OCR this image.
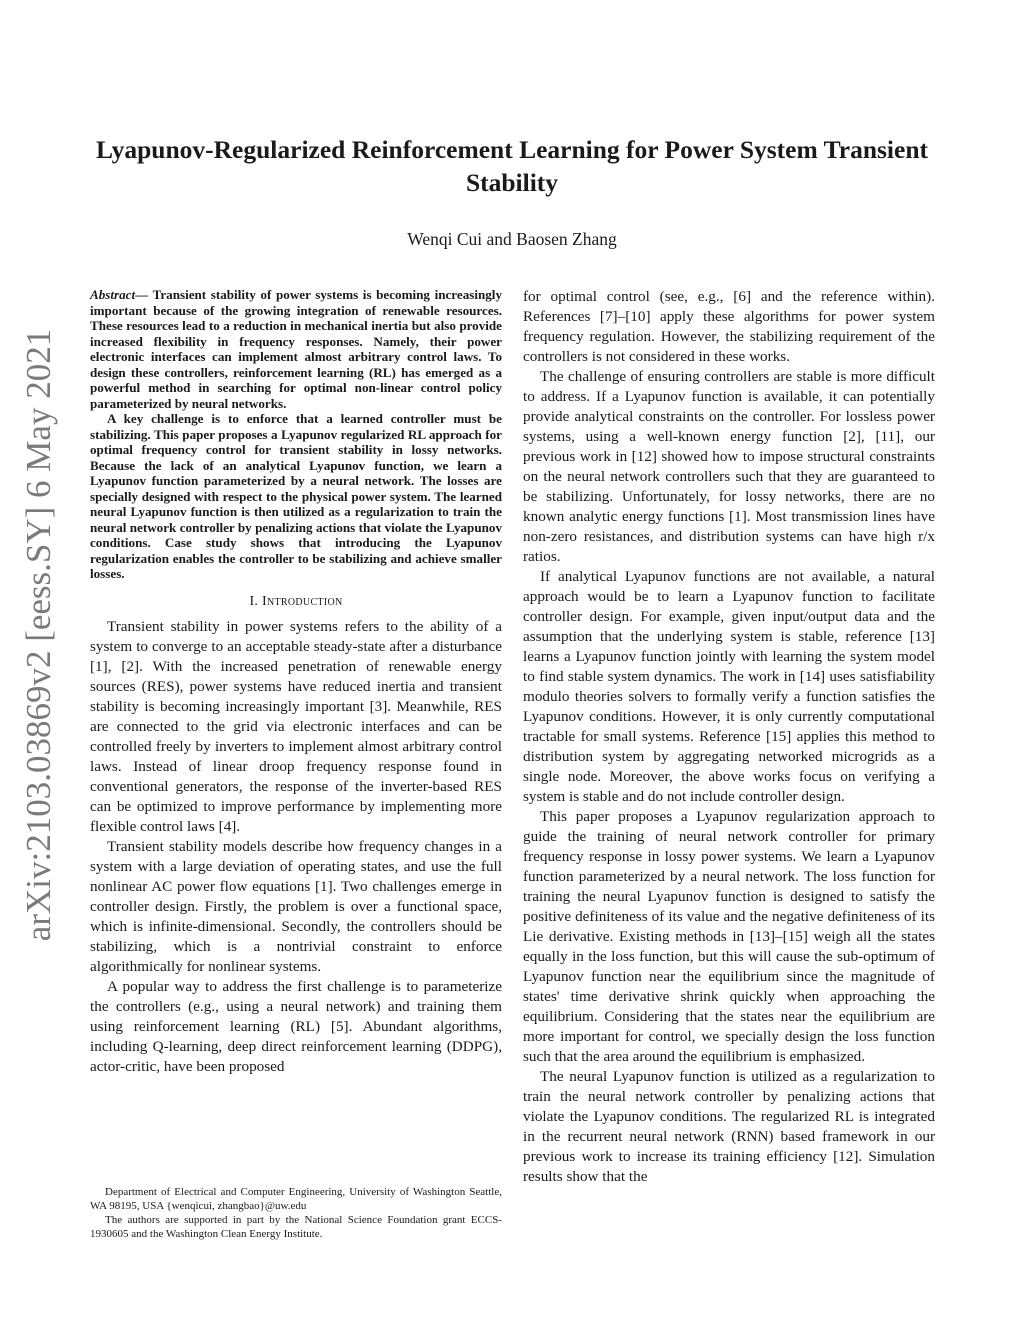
arXiv:2103.03869v2 [eess.SY] 6 May 2021
Lyapunov-Regularized Reinforcement Learning for Power System Transient Stability
Wenqi Cui and Baosen Zhang

Abstract— Transient stability of power systems is becoming increasingly important because of the growing integration of renewable resources. These resources lead to a reduction in mechanical inertia but also provide increased flexibility in frequency responses. Namely, their power electronic interfaces can implement almost arbitrary control laws. To design these controllers, reinforcement learning (RL) has emerged as a powerful method in searching for optimal non-linear control policy parameterized by neural networks.

A key challenge is to enforce that a learned controller must be stabilizing. This paper proposes a Lyapunov regularized RL approach for optimal frequency control for transient stability in lossy networks. Because the lack of an analytical Lyapunov function, we learn a Lyapunov function parameterized by a neural network. The losses are specially designed with respect to the physical power system. The learned neural Lyapunov function is then utilized as a regularization to train the neural network controller by penalizing actions that violate the Lyapunov conditions. Case study shows that introducing the Lyapunov regularization enables the controller to be stabilizing and achieve smaller losses.

I. Introduction

Transient stability in power systems refers to the ability of a system to converge to an acceptable steady-state after a disturbance [1], [2]. With the increased penetration of renewable energy sources (RES), power systems have reduced inertia and transient stability is becoming increasingly important [3]. Meanwhile, RES are connected to the grid via electronic interfaces and can be controlled freely by inverters to implement almost arbitrary control laws. Instead of linear droop frequency response found in conventional generators, the response of the inverter-based RES can be optimized to improve performance by implementing more flexible control laws [4].

Transient stability models describe how frequency changes in a system with a large deviation of operating states, and use the full nonlinear AC power flow equations [1]. Two challenges emerge in controller design. Firstly, the problem is over a functional space, which is infinite-dimensional. Secondly, the controllers should be stabilizing, which is a nontrivial constraint to enforce algorithmically for nonlinear systems.

A popular way to address the first challenge is to parameterize the controllers (e.g., using a neural network) and training them using reinforcement learning (RL) [5]. Abundant algorithms, including Q-learning, deep direct reinforcement learning (DDPG), actor-critic, have been proposed

for optimal control (see, e.g., [6] and the reference within). References [7]–[10] apply these algorithms for power system frequency regulation. However, the stabilizing requirement of the controllers is not considered in these works.

The challenge of ensuring controllers are stable is more difficult to address. If a Lyapunov function is available, it can potentially provide analytical constraints on the controller. For lossless power systems, using a well-known energy function [2], [11], our previous work in [12] showed how to impose structural constraints on the neural network controllers such that they are guaranteed to be stabilizing. Unfortunately, for lossy networks, there are no known analytic energy functions [1]. Most transmission lines have non-zero resistances, and distribution systems can have high r/x ratios.

If analytical Lyapunov functions are not available, a natural approach would be to learn a Lyapunov function to facilitate controller design. For example, given input/output data and the assumption that the underlying system is stable, reference [13] learns a Lyapunov function jointly with learning the system model to find stable system dynamics. The work in [14] uses satisfiability modulo theories solvers to formally verify a function satisfies the Lyapunov conditions. However, it is only currently computational tractable for small systems. Reference [15] applies this method to distribution system by aggregating networked microgrids as a single node. Moreover, the above works focus on verifying a system is stable and do not include controller design.

This paper proposes a Lyapunov regularization approach to guide the training of neural network controller for primary frequency response in lossy power systems. We learn a Lyapunov function parameterized by a neural network. The loss function for training the neural Lyapunov function is designed to satisfy the positive definiteness of its value and the negative definiteness of its Lie derivative. Existing methods in [13]–[15] weigh all the states equally in the loss function, but this will cause the sub-optimum of Lyapunov function near the equilibrium since the magnitude of states' time derivative shrink quickly when approaching the equilibrium. Considering that the states near the equilibrium are more important for control, we specially design the loss function such that the area around the equilibrium is emphasized.

The neural Lyapunov function is utilized as a regularization to train the neural network controller by penalizing actions that violate the Lyapunov conditions. The regularized RL is integrated in the recurrent neural network (RNN) based framework in our previous work to increase its training efficiency [12]. Simulation results show that the

Department of Electrical and Computer Engineering, University of Washington Seattle, WA 98195, USA {wenqicui, zhangbao}@uw.edu

The authors are supported in part by the National Science Foundation grant ECCS-1930605 and the Washington Clean Energy Institute.
